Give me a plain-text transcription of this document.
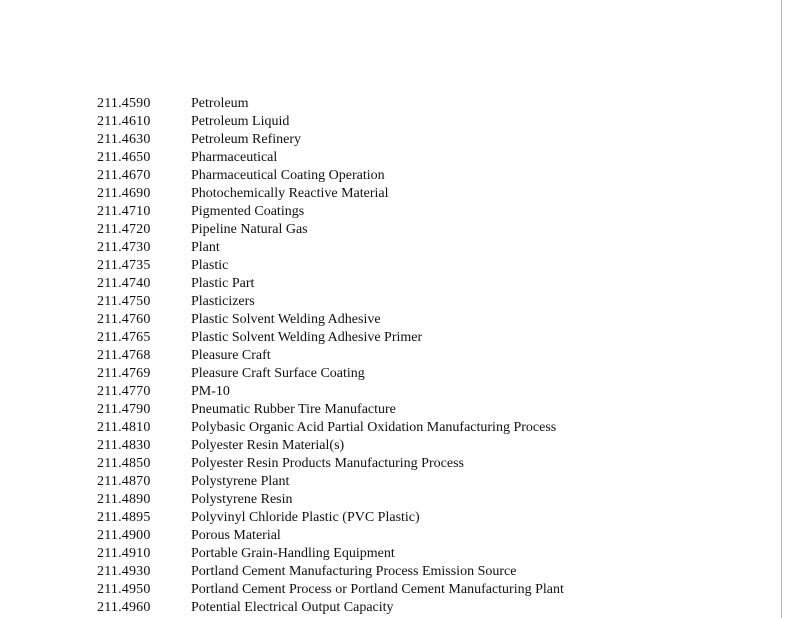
211.4590	Petroleum
211.4610	Petroleum Liquid
211.4630	Petroleum Refinery
211.4650	Pharmaceutical
211.4670	Pharmaceutical Coating Operation
211.4690	Photochemically Reactive Material
211.4710	Pigmented Coatings
211.4720	Pipeline Natural Gas
211.4730	Plant
211.4735	Plastic
211.4740	Plastic Part
211.4750	Plasticizers
211.4760	Plastic Solvent Welding Adhesive
211.4765	Plastic Solvent Welding Adhesive Primer
211.4768	Pleasure Craft
211.4769	Pleasure Craft Surface Coating
211.4770	PM-10
211.4790	Pneumatic Rubber Tire Manufacture
211.4810	Polybasic Organic Acid Partial Oxidation Manufacturing Process
211.4830	Polyester Resin Material(s)
211.4850	Polyester Resin Products Manufacturing Process
211.4870	Polystyrene Plant
211.4890	Polystyrene Resin
211.4895	Polyvinyl Chloride Plastic (PVC Plastic)
211.4900	Porous Material
211.4910	Portable Grain-Handling Equipment
211.4930	Portland Cement Manufacturing Process Emission Source
211.4950	Portland Cement Process or Portland Cement Manufacturing Plant
211.4960	Potential Electrical Output Capacity
